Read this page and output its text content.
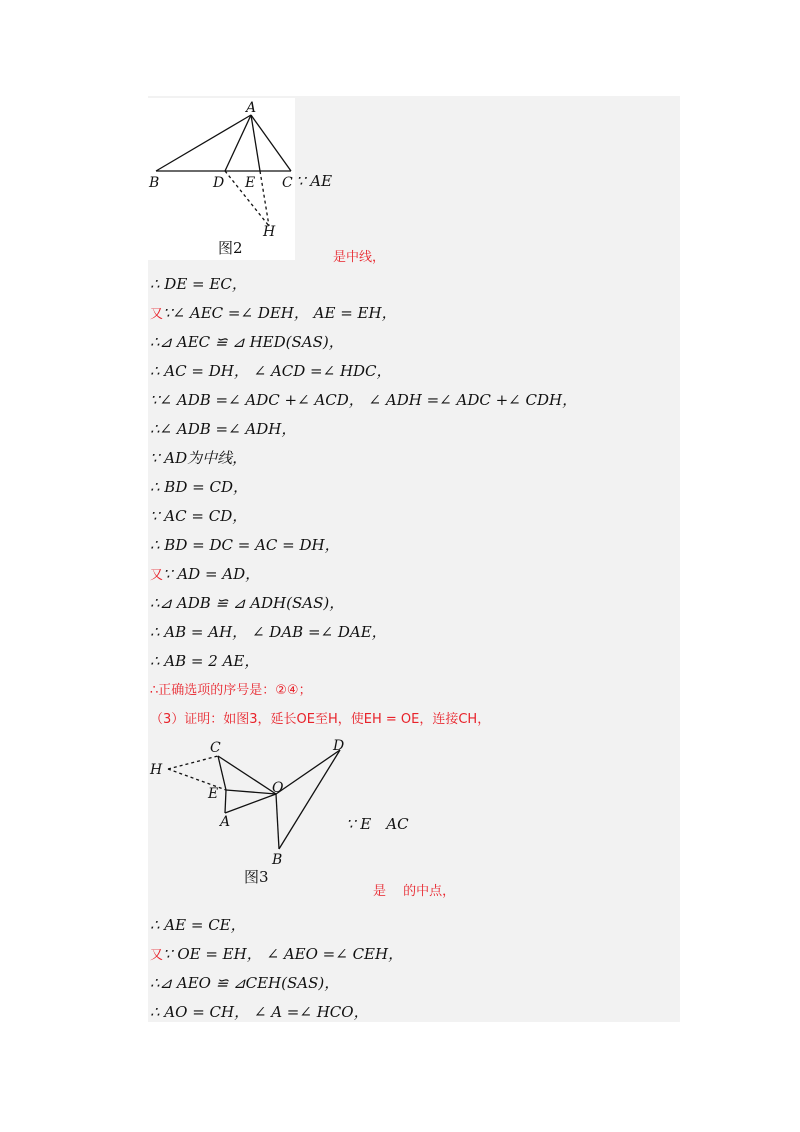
A
B	D E C
H
图2
∵ AE
是中线，
∴ DE = EC，
又∵∠ AEC =∠ DEH， AE = EH，
∴⊿ AEC ≌ ⊿ HED(SAS)，
∴ AC = DH， ∠ ACD =∠ HDC，
∵∠ ADB =∠ ADC +∠ ACD， ∠ ADH =∠ ADC +∠ CDH，
∴∠ ADB =∠ ADH，
∵ AD为中线，
∴ BD = CD，
∵ AC = CD，
∴ BD = DC = AC = DH，
又∵ AD = AD，
∴⊿ ADB ≌ ⊿ ADH(SAS)，
∴ AB = AH， ∠ DAB =∠ DAE，
∴ AB = 2 AE，
∴正确选项的序号是：②④；
（3）证明：如图3，延长OE至H，使EH = OE，连接CH，
C	D
H
O
E
A
B
图3
∵ E　AC
是　 的中点，
∴ AE = CE，
又∵ OE = EH， ∠ AEO =∠ CEH，
∴⊿ AEO ≌ ⊿CEH(SAS)，
∴ AO = CH， ∠ A =∠ HCO，
